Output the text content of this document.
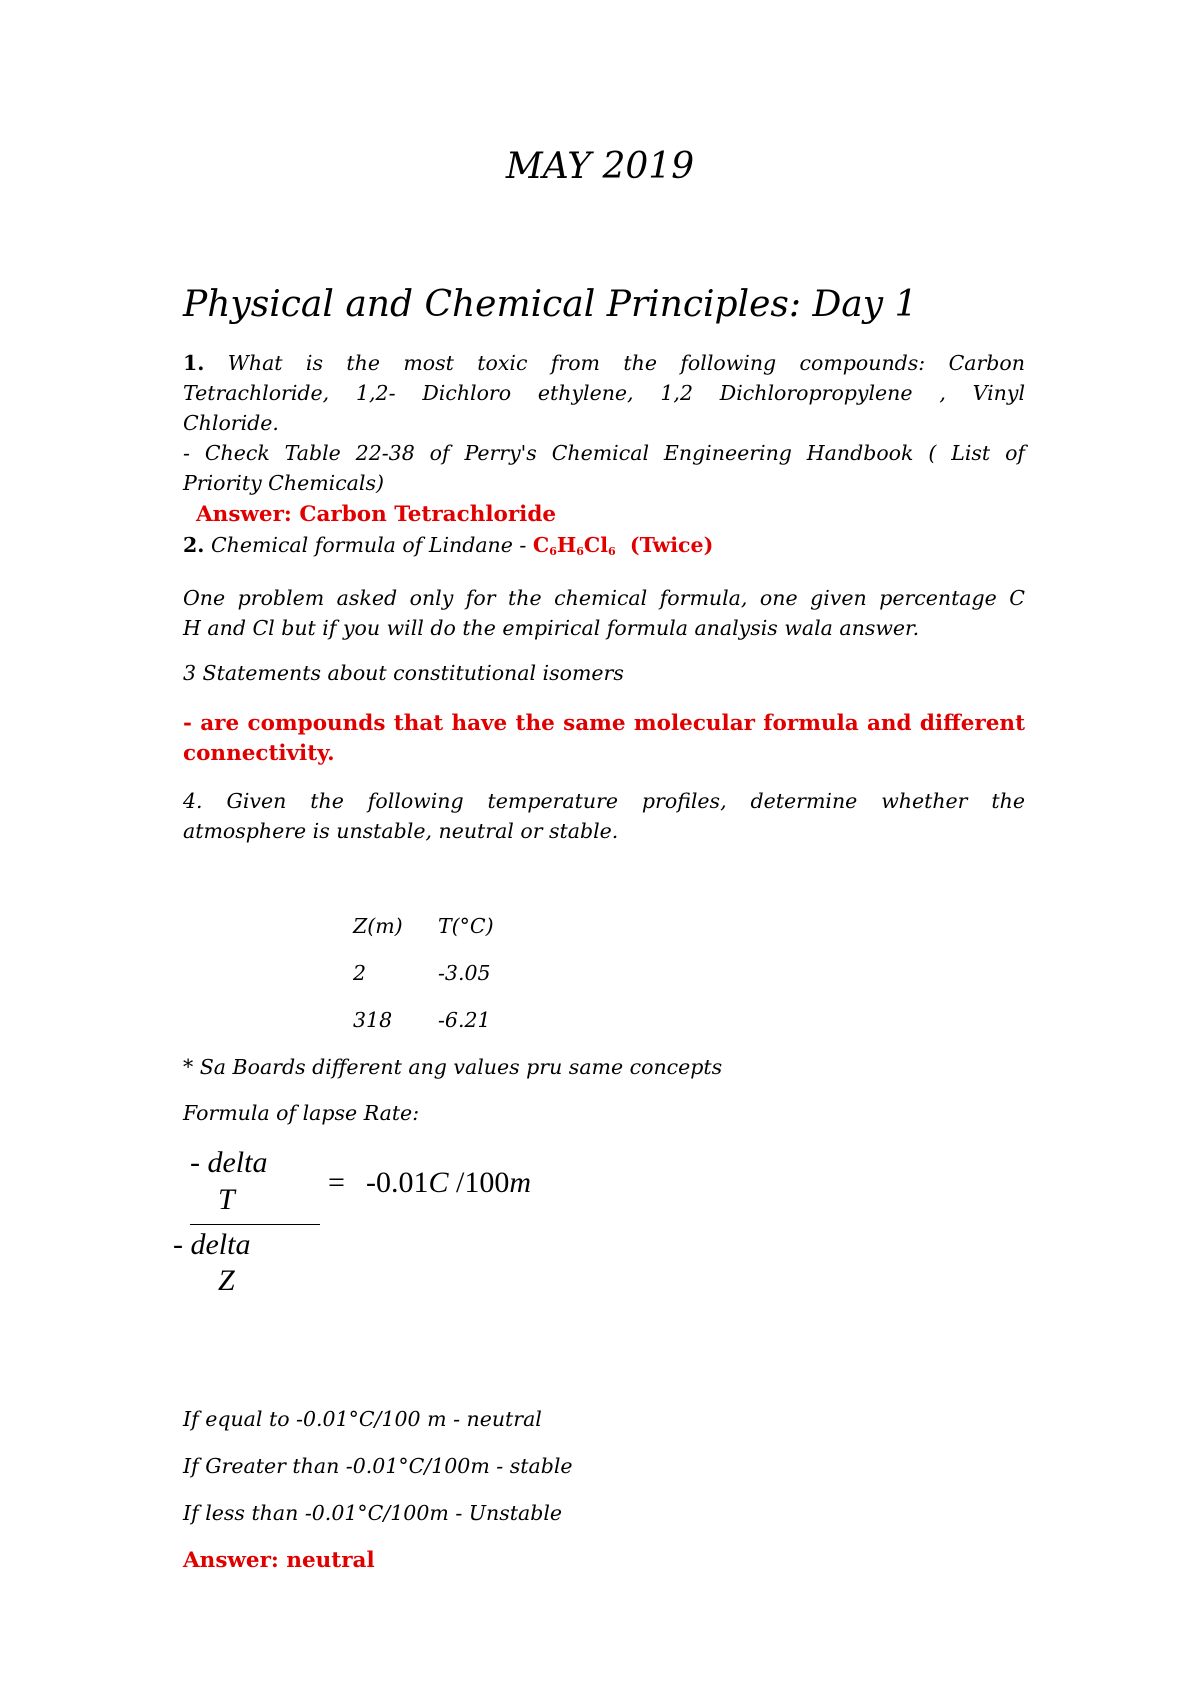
MAY 2019
Physical and Chemical Principles: Day 1
1. What is the most toxic from the following compounds: Carbon
Tetrachloride, 1,2- Dichloro ethylene, 1,2 Dichloropropylene , Vinyl
Chloride.
- Check Table 22-38 of Perry's Chemical Engineering Handbook ( List of
Priority Chemicals)
Answer: Carbon Tetrachloride
2. Chemical formula of Lindane - $C_6H_6Cl_6$ (Twice)
One problem asked only for the chemical formula, one given percentage C
H and Cl but if you will do the empirical formula analysis wala answer.
3 Statements about constitutional isomers
- are compounds that have the same molecular formula and different
connectivity.
4. Given the following temperature profiles, determine whether the
atmosphere is unstable, neutral or stable.
Z(m) T(°C)
2	-3.05
318 -6.21
* Sa Boards different ang values pru same concepts
Formula of lapse Rate:
- delta
T
- delta
Z
= -0.01C /100m
If equal to -0.01°C/100 m - neutral
If Greater than -0.01°C/100m - stable
If less than -0.01°C/100m - Unstable
Answer: neutral
